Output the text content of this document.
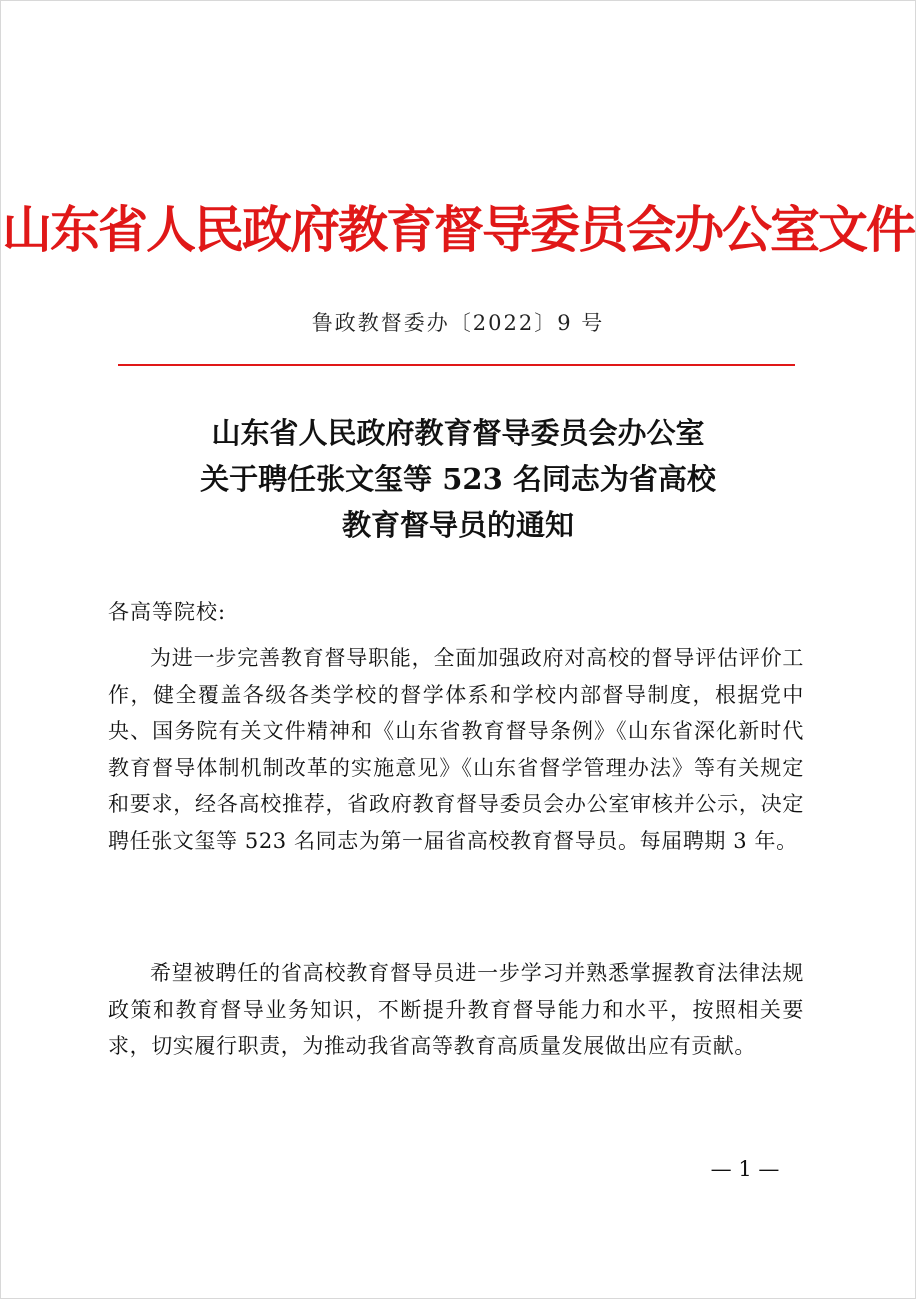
山东省人民政府教育督导委员会办公室文件
鲁政教督委办〔2022〕9 号
山东省人民政府教育督导委员会办公室
关于聘任张文玺等 523 名同志为省高校
教育督导员的通知
各高等院校:
为进一步完善教育督导职能，全面加强政府对高校的督导评估评价工作，健全覆盖各级各类学校的督学体系和学校内部督导制度，根据党中央、国务院有关文件精神和《山东省教育督导条例》《山东省深化新时代教育督导体制机制改革的实施意见》《山东省督学管理办法》等有关规定和要求，经各高校推荐，省政府教育督导委员会办公室审核并公示，决定聘任张文玺等 523 名同志为第一届省高校教育督导员。每届聘期 3 年。
希望被聘任的省高校教育督导员进一步学习并熟悉掌握教育法律法规政策和教育督导业务知识，不断提升教育督导能力和水平，按照相关要求，切实履行职责，为推动我省高等教育高质量发展做出应有贡献。
— 1 —
